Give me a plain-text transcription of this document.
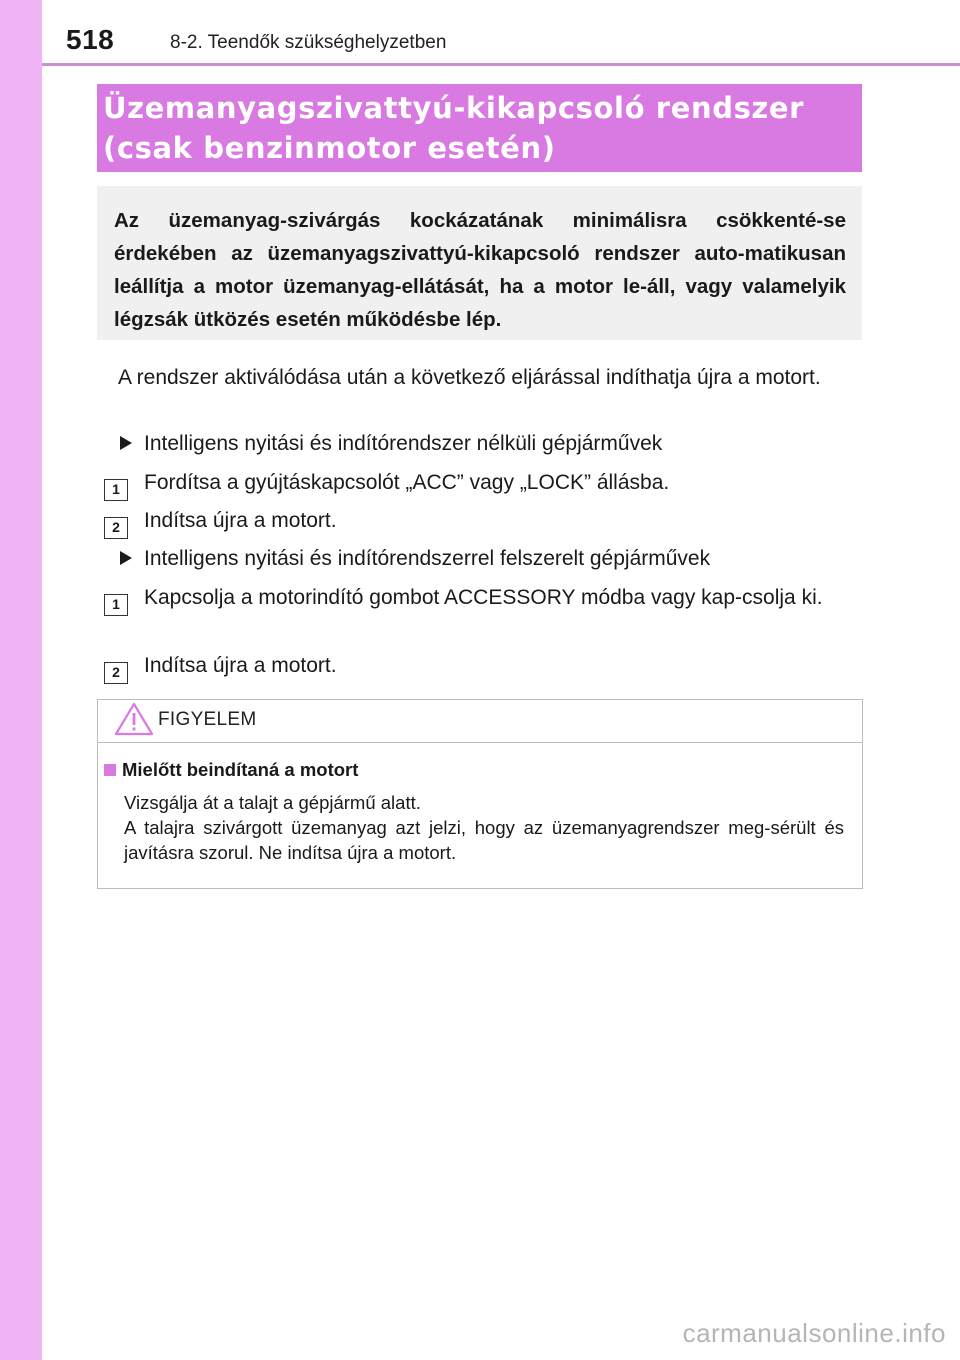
518	8-2. Teendők szükséghelyzetben
Üzemanyagszivattyú-kikapcsoló rendszer
(csak benzinmotor esetén)
Az üzemanyag-szivárgás kockázatának minimálisra csökkenté-se érdekében az üzemanyagszivattyú-kikapcsoló rendszer auto-matikusan leállítja a motor üzemanyag-ellátását, ha a motor le-áll, vagy valamelyik légzsák ütközés esetén működésbe lép.
A rendszer aktiválódása után a következő eljárással indíthatja újra a motort.
Intelligens nyitási és indítórendszer nélküli gépjárművek
1	Fordítsa a gyújtáskapcsolót „ACC” vagy „LOCK” állásba.
2	Indítsa újra a motort.
Intelligens nyitási és indítórendszerrel felszerelt gépjárművek
1	Kapcsolja a motorindító gombot ACCESSORY módba vagy kap-csolja ki.
2	Indítsa újra a motort.
FIGYELEM
Mielőtt beindítaná a motort
Vizsgálja át a talajt a gépjármű alatt.
A talajra szivárgott üzemanyag azt jelzi, hogy az üzemanyagrendszer meg-sérült és javításra szorul. Ne indítsa újra a motort.
carmanualsonline.info
